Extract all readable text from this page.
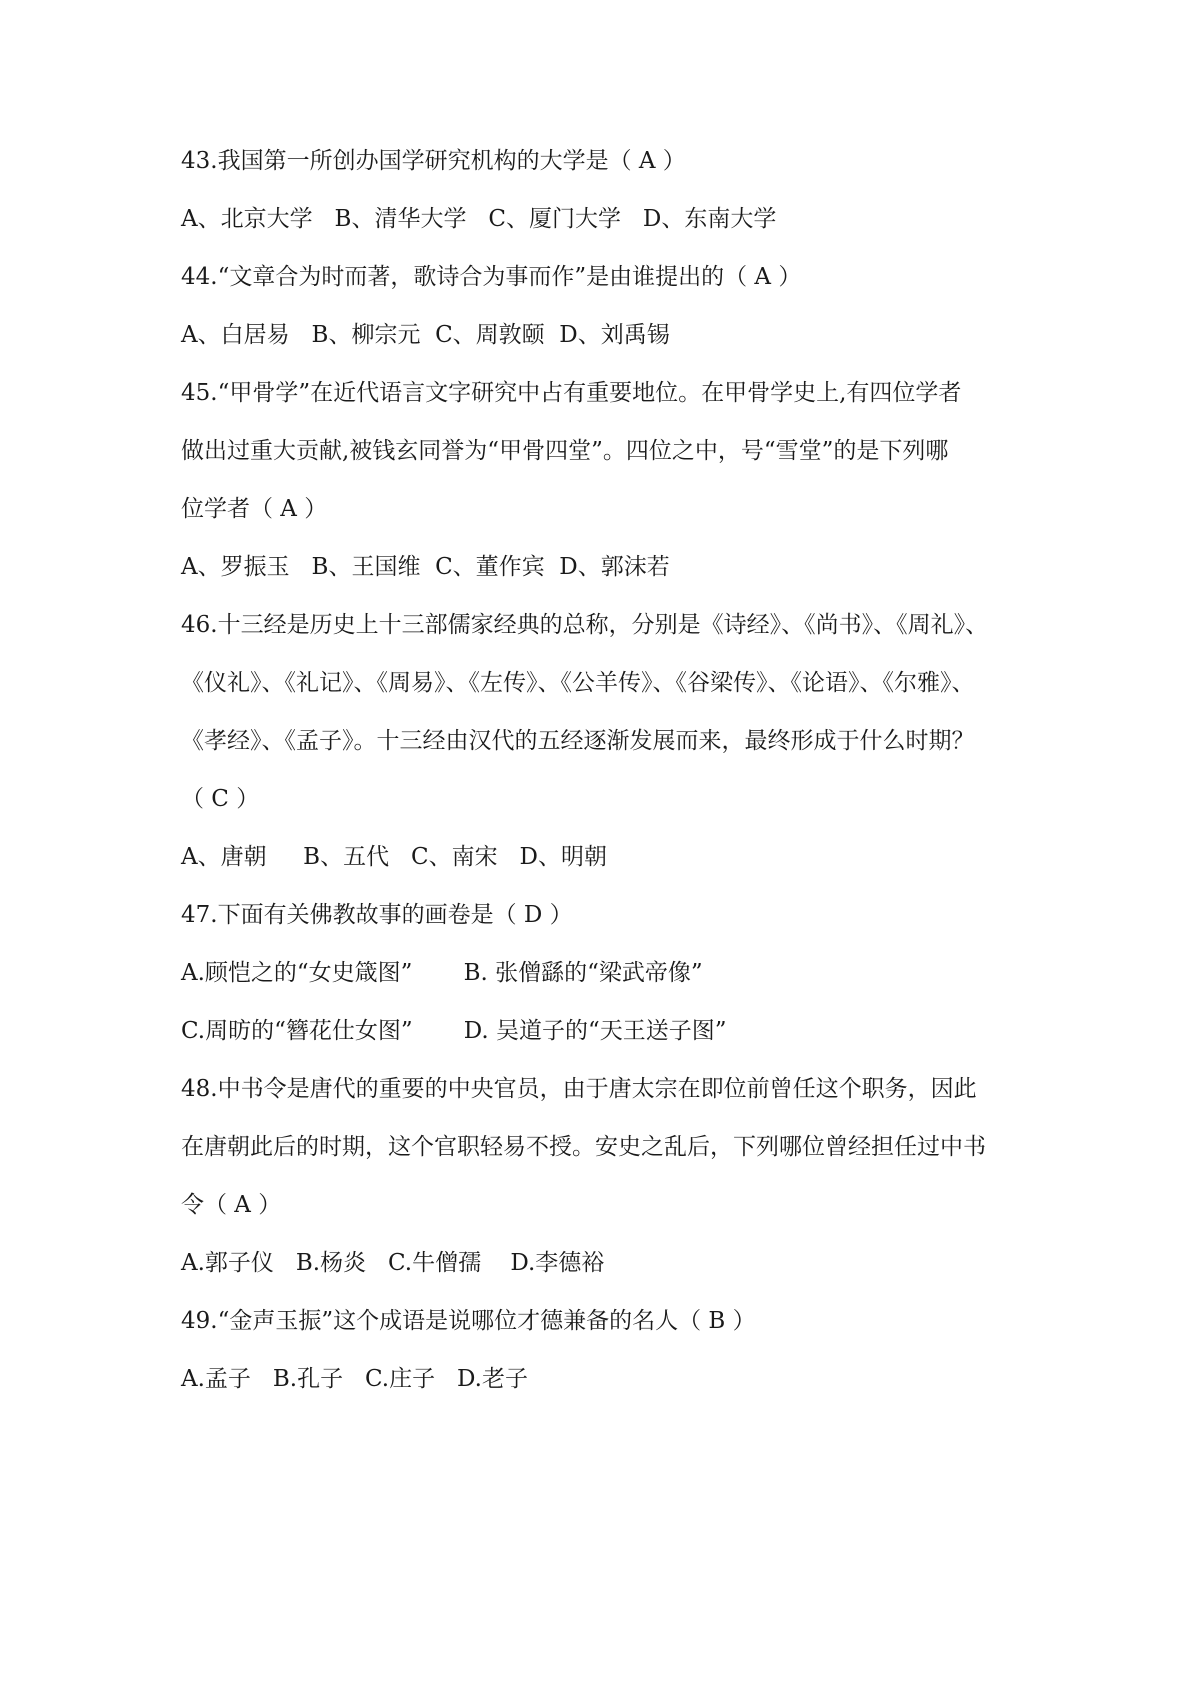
43.我国第一所创办国学研究机构的大学是（ A ）
A、北京大学   B、清华大学   C、厦门大学   D、东南大学
44.“文章合为时而著，歌诗合为事而作”是由谁提出的（ A ）
A、白居易   B、柳宗元  C、周敦颐  D、刘禹锡
45.“甲骨学”在近代语言文字研究中占有重要地位。在甲骨学史上,有四位学者
做出过重大贡献,被钱玄同誉为“甲骨四堂”。四位之中，号“雪堂”的是下列哪
位学者（ A ）
A、罗振玉   B、王国维  C、董作宾  D、郭沫若
46.十三经是历史上十三部儒家经典的总称，分别是《诗经》、《尚书》、《周礼》、
《仪礼》、《礼记》、《周易》、《左传》、《公羊传》、《谷梁传》、《论语》、《尔雅》、
《孝经》、《孟子》。十三经由汉代的五经逐渐发展而来，最终形成于什么时期？
（ C ）
A、唐朝     B、五代   C、南宋   D、明朝
47.下面有关佛教故事的画卷是（ D ）
A.顾恺之的“女史箴图”       B. 张僧繇的“梁武帝像”
C.周昉的“簪花仕女图”       D. 吴道子的“天王送子图”
48.中书令是唐代的重要的中央官员，由于唐太宗在即位前曾任这个职务，因此
在唐朝此后的时期，这个官职轻易不授。安史之乱后，下列哪位曾经担任过中书
令（ A ）
A.郭子仪   B.杨炎   C.牛僧孺    D.李德裕
49.“金声玉振”这个成语是说哪位才德兼备的名人（ B ）
A.孟子   B.孔子   C.庄子   D.老子
